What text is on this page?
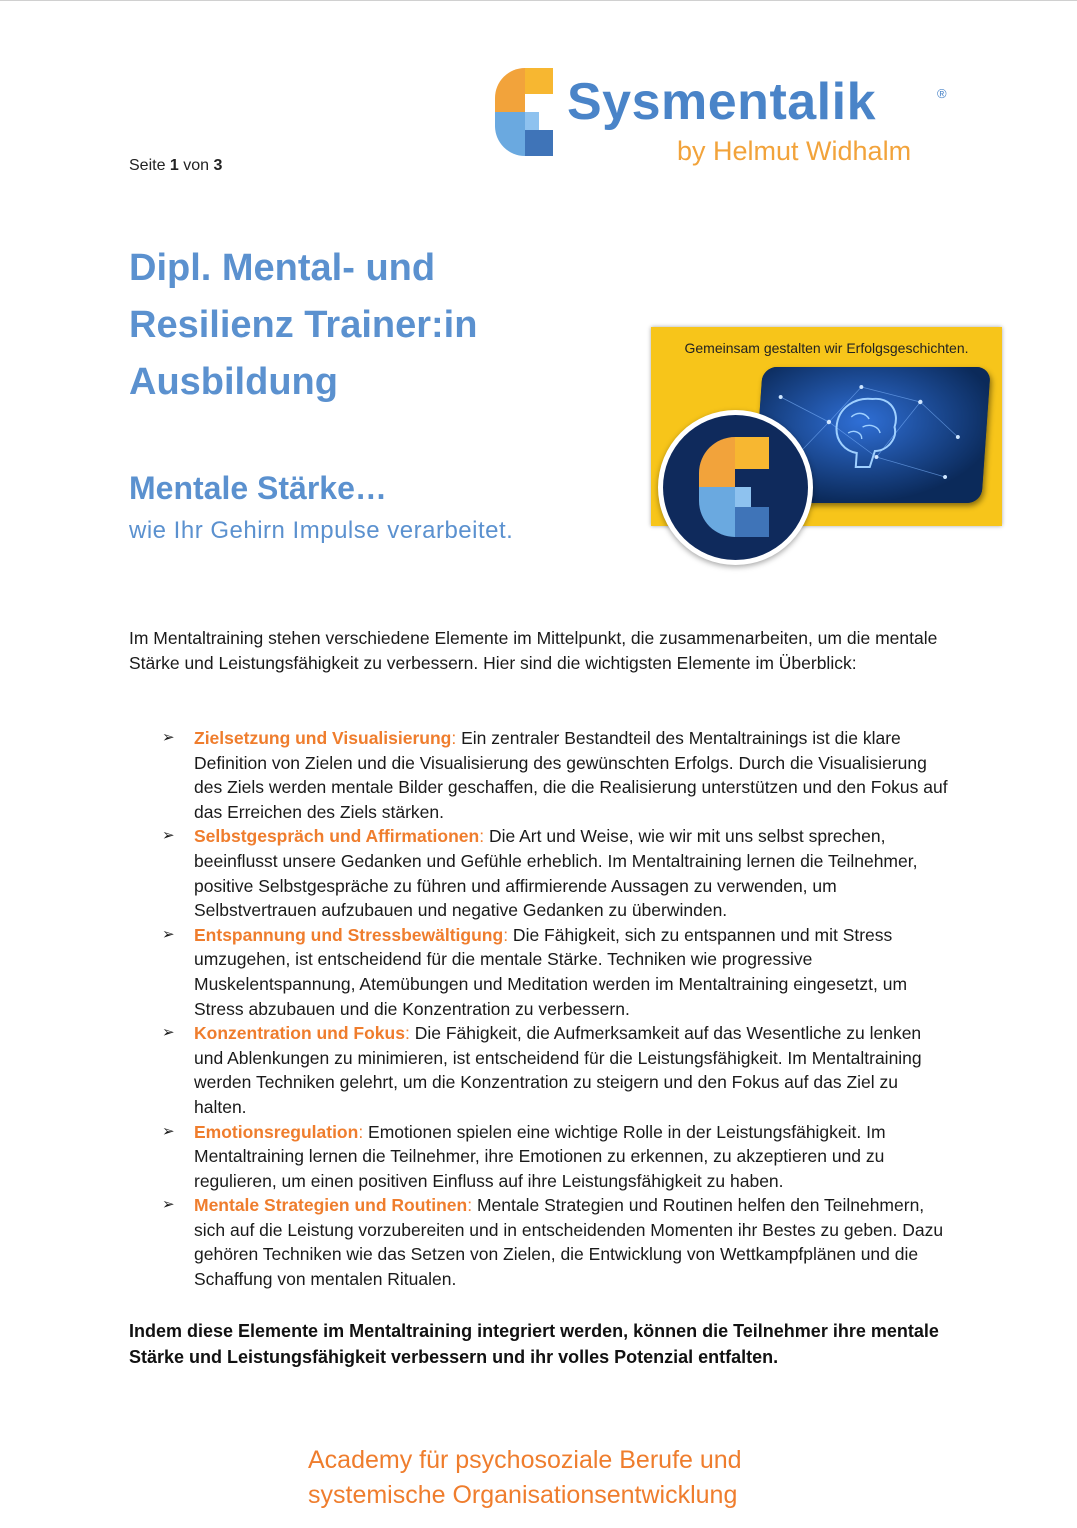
Sysmentalik	®
by Helmut Widhalm
Seite 1 von 3
Dipl. Mental- und
Resilienz Trainer:in
Ausbildung
Mentale Stärke…
wie Ihr Gehirn Impulse verarbeitet.
Gemeinsam gestalten wir Erfolgsgeschichten.

Im Mentaltraining stehen verschiedene Elemente im Mittelpunkt, die zusammenarbeiten, um die mentale Stärke und Leistungsfähigkeit zu verbessern. Hier sind die wichtigsten Elemente im Überblick:

➢ Zielsetzung und Visualisierung: Ein zentraler Bestandteil des Mentaltrainings ist die klare Definition von Zielen und die Visualisierung des gewünschten Erfolgs. Durch die Visualisierung des Ziels werden mentale Bilder geschaffen, die die Realisierung unterstützen und den Fokus auf das Erreichen des Ziels stärken.
➢ Selbstgespräch und Affirmationen: Die Art und Weise, wie wir mit uns selbst sprechen, beeinflusst unsere Gedanken und Gefühle erheblich. Im Mentaltraining lernen die Teilnehmer, positive Selbstgespräche zu führen und affirmierende Aussagen zu verwenden, um Selbstvertrauen aufzubauen und negative Gedanken zu überwinden.
➢ Entspannung und Stressbewältigung: Die Fähigkeit, sich zu entspannen und mit Stress umzugehen, ist entscheidend für die mentale Stärke. Techniken wie progressive Muskelentspannung, Atemübungen und Meditation werden im Mentaltraining eingesetzt, um Stress abzubauen und die Konzentration zu verbessern.
➢ Konzentration und Fokus: Die Fähigkeit, die Aufmerksamkeit auf das Wesentliche zu lenken und Ablenkungen zu minimieren, ist entscheidend für die Leistungsfähigkeit. Im Mentaltraining werden Techniken gelehrt, um die Konzentration zu steigern und den Fokus auf das Ziel zu halten.
➢ Emotionsregulation: Emotionen spielen eine wichtige Rolle in der Leistungsfähigkeit. Im Mentaltraining lernen die Teilnehmer, ihre Emotionen zu erkennen, zu akzeptieren und zu regulieren, um einen positiven Einfluss auf ihre Leistungsfähigkeit zu haben.
➢ Mentale Strategien und Routinen: Mentale Strategien und Routinen helfen den Teilnehmern, sich auf die Leistung vorzubereiten und in entscheidenden Momenten ihr Bestes zu geben. Dazu gehören Techniken wie das Setzen von Zielen, die Entwicklung von Wettkampfplänen und die Schaffung von mentalen Ritualen.

Indem diese Elemente im Mentaltraining integriert werden, können die Teilnehmer ihre mentale Stärke und Leistungsfähigkeit verbessern und ihr volles Potenzial entfalten.

Academy für psychosoziale Berufe und
systemische Organisationsentwicklung
